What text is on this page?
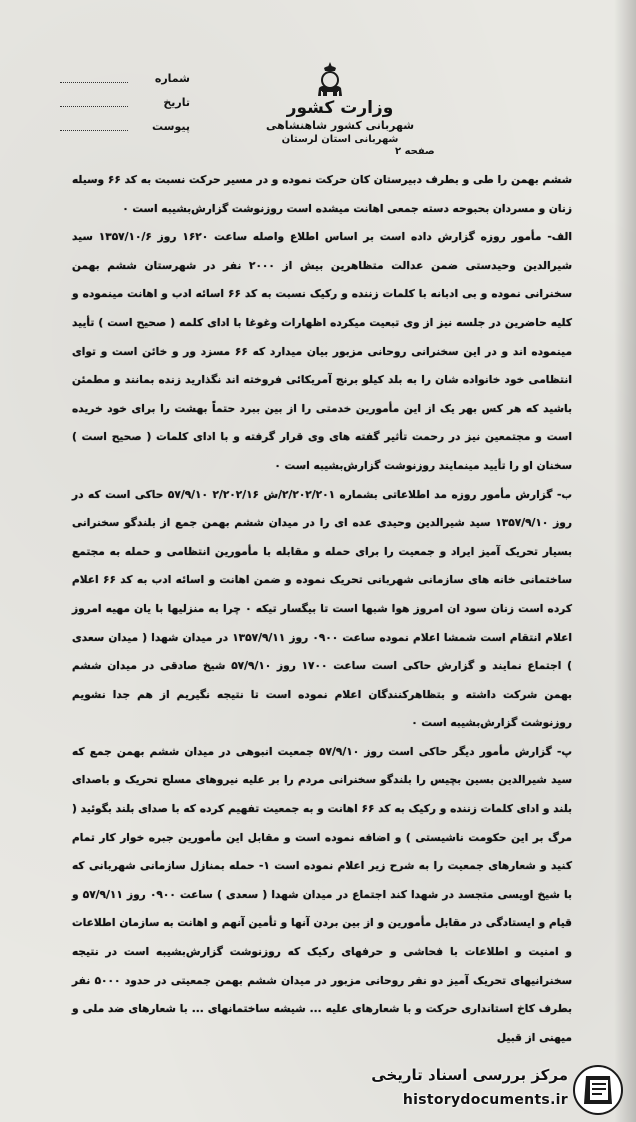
شماره
تاریخ
پیوست
وزارت کشور
شهربانی کشور شاهنشاهی
شهربانی استان لرستان
صفحه ۲

ششم بهمن را طی و بطرف دبیرستان کان حرکت نموده و در مسیر حرکت نسبت به کد ۶۶ وسیله زنان و مسردان بحبوحه دسته جمعی اهانت میشده است روزنوشت گزارش‌بشیبه است ۰

الف- مأمور روزه گزارش داده است بر اساس اطلاع واصله ساعت ۱۶۲۰ روز ۱۳۵۷/۱۰/۶ سید شیرالدین وحیدستی ضمن عدالت متظاهرین بیش از ۲۰۰۰ نفر در شهرستان ششم بهمن سخنرانی نموده و بی ادبانه با کلمات زننده و رکیک نسبت به کد ۶۶ اسائه ادب و اهانت مینموده و کلیه حاضرین در جلسه نیز از وی تبعیت میکرده اظهارات وغوغا با ادای کلمه ( صحیح است ) تأیید مینموده اند و در این سخنرانی روحانی مزبور بیان میدارد که ۶۶ مسزد ور و خائن است و توای انتظامی خود خانواده شان را به بلد کیلو برنج آمریکائی فروخته اند نگذارید زنده بمانند و مطمئن باشید که هر کس بهر یک از این مأمورین خدمتی را از بین ببرد حتماً بهشت را برای خود خریده است و مجتمعین نیز در رحمت تأثیر گفته های وی قرار گرفته و با ادای کلمات ( صحیح است ) سخنان او را تأیید مینمایند روزنوشت گزارش‌بشیبه است ۰

ب- گزارش مأمور روزه مد اطلاعاتی بشماره ۲/۲۰۲/۲۰۱/ش ۲/۲۰۲/۱۶ ۵۷/۹/۱۰ حاکی است که در روز ۱۳۵۷/۹/۱۰ سید شیرالدین وحیدی عده ای را در میدان ششم بهمن جمع از بلندگو سخنرانی بسیار تحریک آمیز ایراد و جمعیت را برای حمله و مقابله با مأمورین انتظامی و حمله به مجتمع ساختمانی خانه های سازمانی شهربانی تحریک نموده و ضمن اهانت و اسائه ادب به کد ۶۶ اعلام کرده است زنان سود ان امروز هوا شبها است تا بیگسار تیکه ۰ چرا به منزلیها با یان مهیه امروز اعلام انتقام است شمشا اعلام نموده ساعت ۰۹۰۰ روز ۱۳۵۷/۹/۱۱ در میدان شهدا ( میدان سعدی ) اجتماع نمایند و گزارش حاکی است ساعت ۱۷۰۰ روز ۵۷/۹/۱۰ شیخ صادقی در میدان ششم بهمن شرکت داشته و بتظاهرکنندگان اعلام نموده است تا نتیجه نگیریم از هم جدا نشویم روزنوشت گزارش‌بشیبه است ۰

پ- گزارش مأمور دیگر حاکی است روز ۵۷/۹/۱۰ جمعیت انبوهی در میدان ششم بهمن جمع که سید شیرالدین بسین بچیس را بلندگو سخنرانی مردم را بر علیه نیروهای مسلح تحریک و باصدای بلند و ادای کلمات زننده و رکیک به کد ۶۶ اهانت و به جمعیت تفهیم کرده که با صدای بلند بگوئید ( مرگ بر این حکومت ناشیستی ) و اضافه نموده است و مقابل این مأمورین جبره خوار کار تمام کنید و شعارهای جمعیت را به شرح زیر اعلام نموده است ۱- حمله بمنازل سازمانی شهربانی که با شیخ اویسی متجسد در شهدا کند اجتماع در میدان شهدا ( سعدی ) ساعت ۰۹۰۰ روز ۵۷/۹/۱۱ و قیام و ایستادگی در مقابل مأمورین و از بین بردن آنها و تأمین آنهم و اهانت به سازمان اطلاعات و امنیت و اطلاعات با فحاشی و حرفهای رکیک که روزنوشت گزارش‌بشیبه است در نتیجه سخنرانیهای تحریک آمیز دو نفر روحانی مزبور در میدان ششم بهمن جمعیتی در حدود ۵۰۰۰ نفر بطرف کاخ استانداری حرکت و با شعارهای علیه ... شیشه ساختمانهای ... با شعارهای ضد ملی و میهنی از قبیل

مرکز بررسی اسناد تاریخی
historydocuments.ir
